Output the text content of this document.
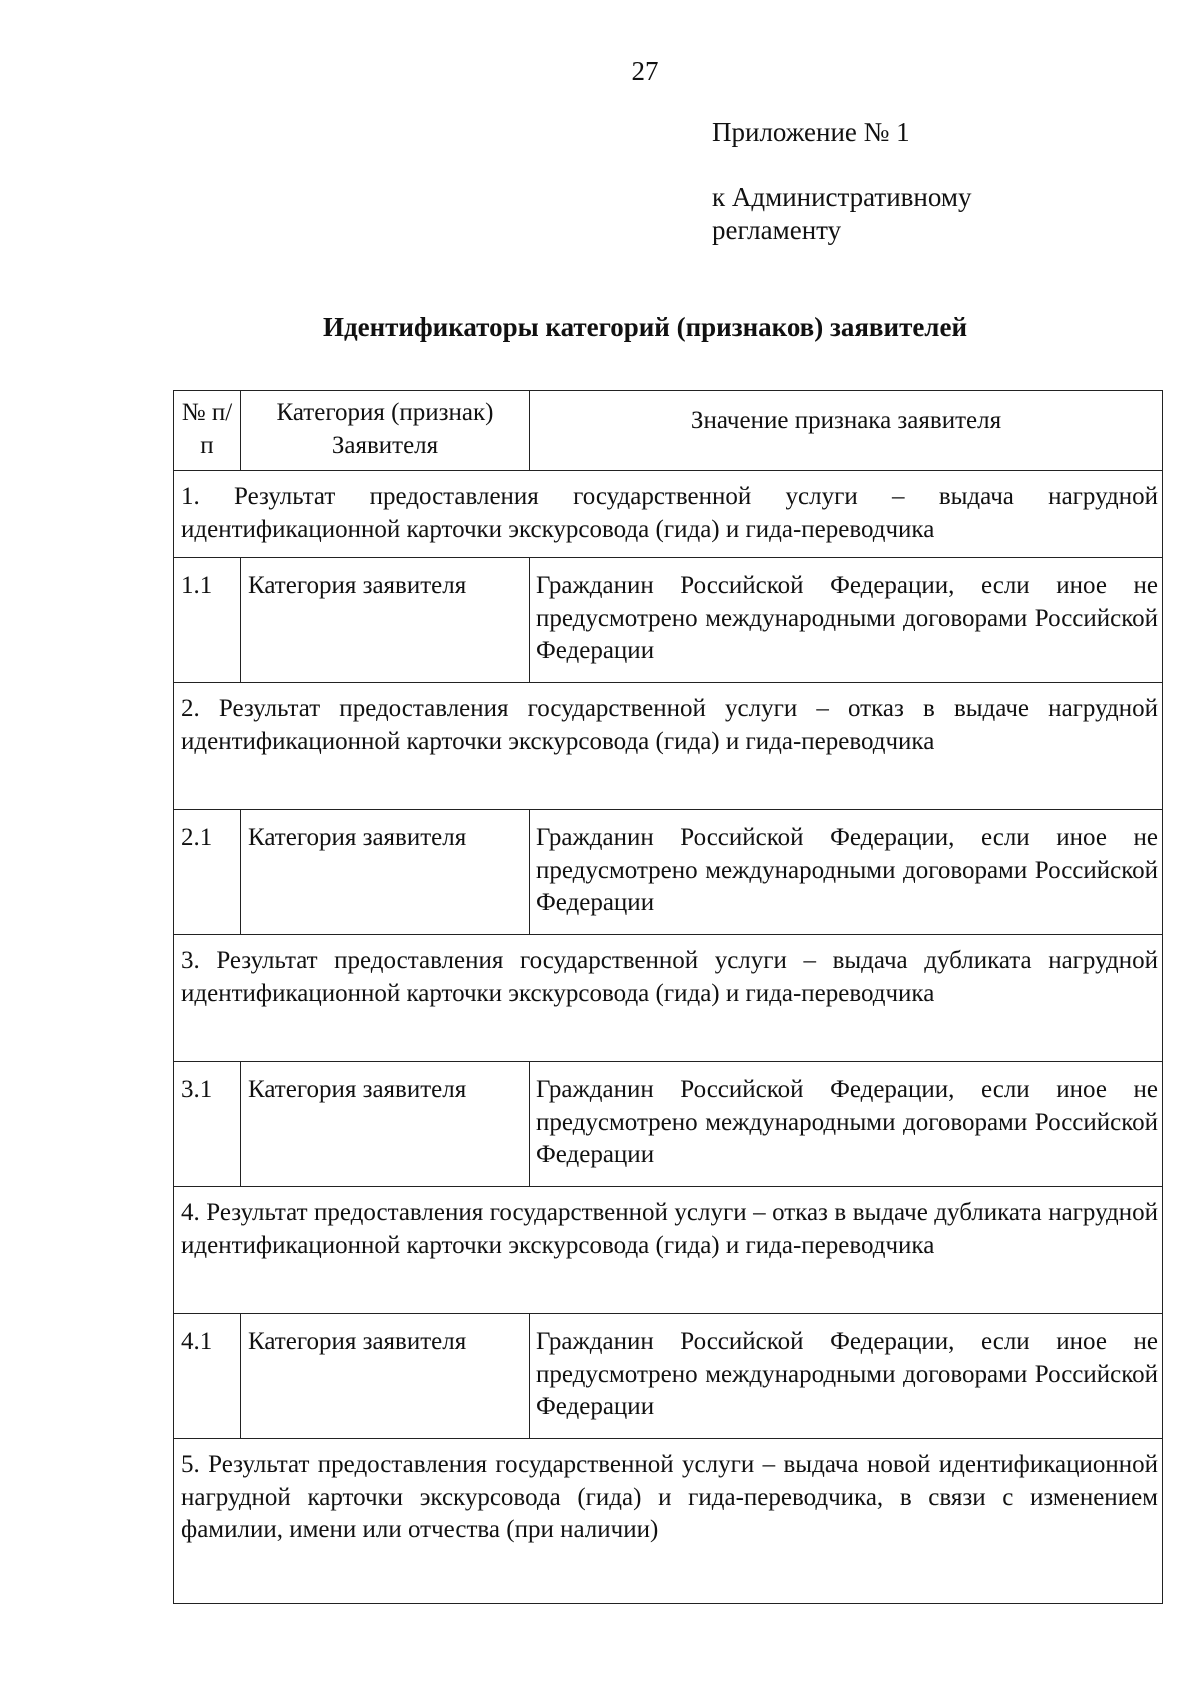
27
Приложение № 1
к Административному регламенту
Идентификаторы категорий (признаков) заявителей
№ п/п	Категория (признак) Заявителя	Значение признака заявителя
1. Результат предоставления государственной услуги – выдача нагрудной идентификационной карточки экскурсовода (гида) и гида-переводчика		
1.1	Категория заявителя	Гражданин Российской Федерации, если иное не предусмотрено международными договорами Российской Федерации
2. Результат предоставления государственной услуги – отказ в выдаче нагрудной идентификационной карточки экскурсовода (гида) и гида-переводчика		
2.1	Категория заявителя	Гражданин Российской Федерации, если иное не предусмотрено международными договорами Российской Федерации
3. Результат предоставления государственной услуги – выдача дубликата нагрудной идентификационной карточки экскурсовода (гида) и гида-переводчика		
3.1	Категория заявителя	Гражданин Российской Федерации, если иное не предусмотрено международными договорами Российской Федерации
4. Результат предоставления государственной услуги – отказ в выдаче дубликата нагрудной идентификационной карточки экскурсовода (гида) и гида-переводчика		
4.1	Категория заявителя	Гражданин Российской Федерации, если иное не предусмотрено международными договорами Российской Федерации
5. Результат предоставления государственной услуги – выдача новой идентификационной нагрудной карточки экскурсовода (гида) и гида-переводчика, в связи с изменением фамилии, имени или отчества (при наличии)		
